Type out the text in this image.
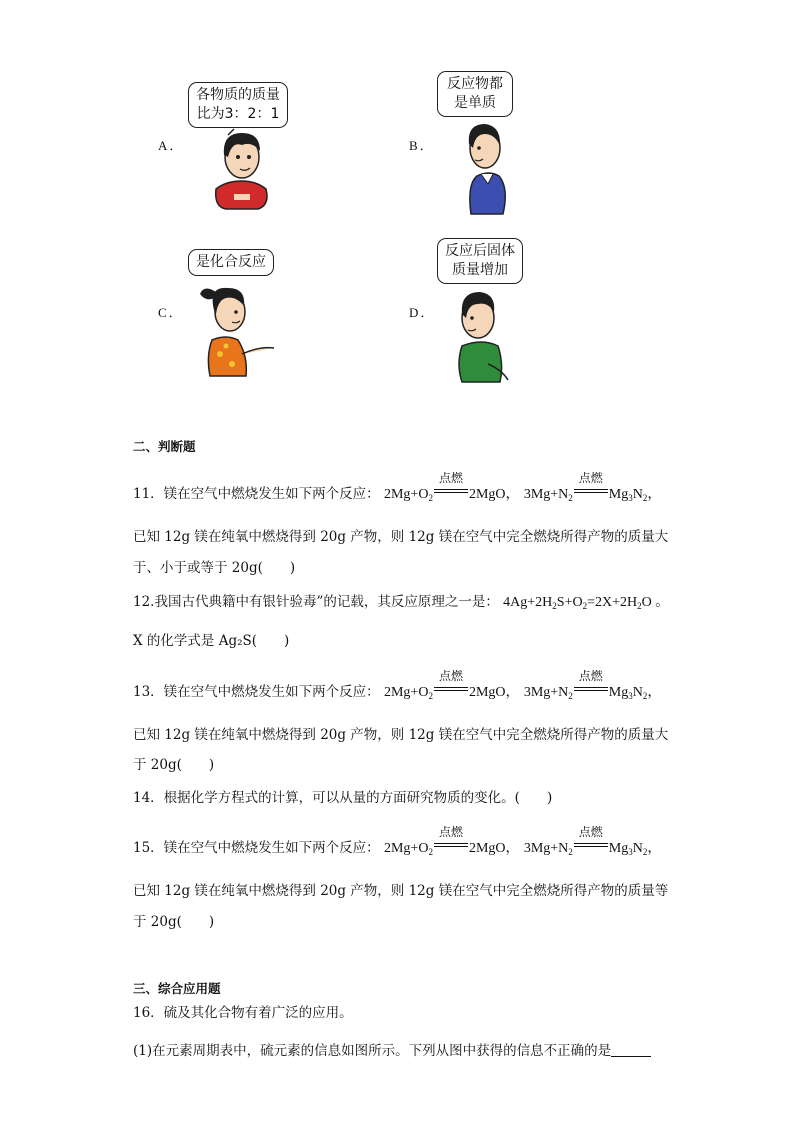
A．
各物质的质量
比为3：2：1
B．
反应物都
是单质
C．
是化合反应
D．
反应后固体
质量增加
二、判断题
11．镁在空气中燃烧发生如下两个反应： $2Mg+O_2$
点燃
2MgO， $3Mg+N_2$
点燃
$Mg_3N_2$，
已知 12g 镁在纯氧中燃烧得到 20g 产物，则 12g 镁在空气中完全燃烧所得产物的质量大
于、小于或等于 20g(　　)
12.我国古代典籍中有银针验毒”的记载，其反应原理之一是： $4Ag+2H_2S+O_2=2X+2H_2O$ 。
X 的化学式是 Ag₂S(　　)
13．镁在空气中燃烧发生如下两个反应： $2Mg+O_2$
点燃
2MgO， $3Mg+N_2$
点燃
$Mg_3N_2$，
已知 12g 镁在纯氧中燃烧得到 20g 产物，则 12g 镁在空气中完全燃烧所得产物的质量大
于 20g(　　)
14．根据化学方程式的计算，可以从量的方面研究物质的变化。(　　)
15．镁在空气中燃烧发生如下两个反应： $2Mg+O_2$
点燃
2MgO， $3Mg+N_2$
点燃
$Mg_3N_2$，
已知 12g 镁在纯氧中燃烧得到 20g 产物，则 12g 镁在空气中完全燃烧所得产物的质量等
于 20g(　　)
三、综合应用题
16．硫及其化合物有着广泛的应用。
(1)在元素周期表中，硫元素的信息如图所示。下列从图中获得的信息不正确的是
